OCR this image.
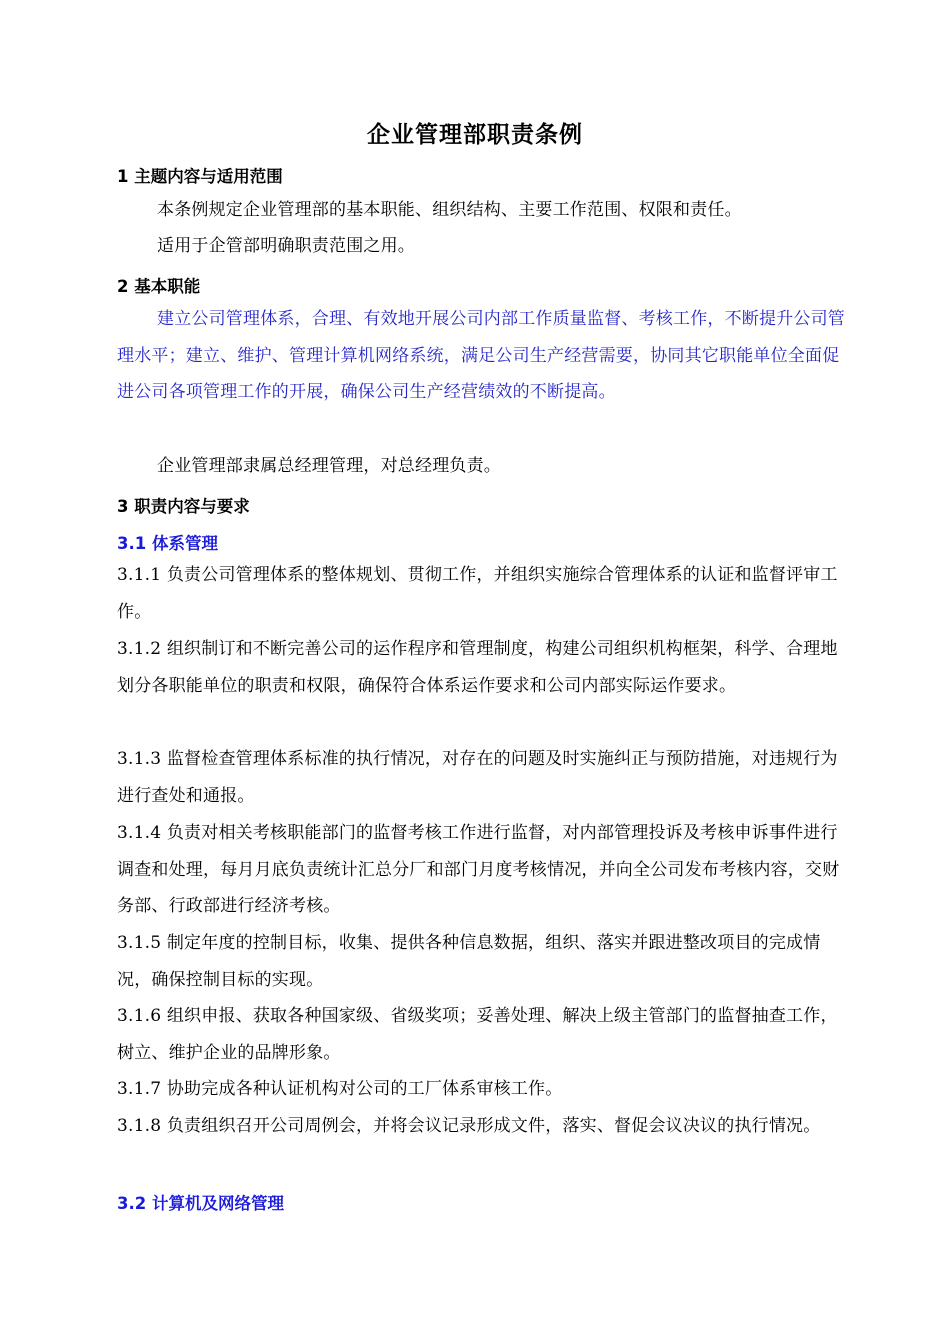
企业管理部职责条例
1 主题内容与适用范围
本条例规定企业管理部的基本职能、组织结构、主要工作范围、权限和责任。
适用于企管部明确职责范围之用。
2 基本职能
建立公司管理体系，合理、有效地开展公司内部工作质量监督、考核工作，不断提升公司管理水平；建立、维护、管理计算机网络系统，满足公司生产经营需要，协同其它职能单位全面促进公司各项管理工作的开展，确保公司生产经营绩效的不断提高。
企业管理部隶属总经理管理，对总经理负责。
3 职责内容与要求
3.1 体系管理
3.1.1 负责公司管理体系的整体规划、贯彻工作，并组织实施综合管理体系的认证和监督评审工作。
3.1.2 组织制订和不断完善公司的运作程序和管理制度，构建公司组织机构框架，科学、合理地划分各职能单位的职责和权限，确保符合体系运作要求和公司内部实际运作要求。
3.1.3 监督检查管理体系标准的执行情况，对存在的问题及时实施纠正与预防措施，对违规行为进行查处和通报。
3.1.4 负责对相关考核职能部门的监督考核工作进行监督，对内部管理投诉及考核申诉事件进行调查和处理，每月月底负责统计汇总分厂和部门月度考核情况，并向全公司发布考核内容，交财务部、行政部进行经济考核。
3.1.5 制定年度的控制目标，收集、提供各种信息数据，组织、落实并跟进整改项目的完成情况，确保控制目标的实现。
3.1.6 组织申报、获取各种国家级、省级奖项；妥善处理、解决上级主管部门的监督抽查工作，树立、维护企业的品牌形象。
3.1.7 协助完成各种认证机构对公司的工厂体系审核工作。
3.1.8 负责组织召开公司周例会，并将会议记录形成文件，落实、督促会议决议的执行情况。
3.2 计算机及网络管理
